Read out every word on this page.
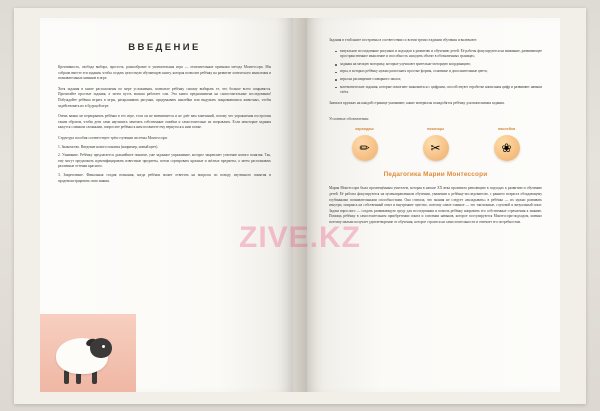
ВВЕДЕНИЕ

Креативность, свобода выбора, простота, разнообразие и увлекательная игра — отличительные признаки метода Монтессори. Мы собрали вместе эти задания, чтобы создать целостную обучающую книгу, которая позволит ребёнку на развитие логического мышления и познавательных навыков в игре.

Хотя задания в книге расположены по мере усложнения, позвольте ребёнку самому выбирать те, что больше всего понравятся. Прочитайте простые задания, а затем пусть малыш работает сам. Эта книга предназначена на самостоятельные исследования! Побуждайте ребёнка играть в игры, раскрашивать рисунки, придумывать наклейки или выдумать понравившихся животных, чтобы задействовать их в будущей игре.

Очень важно не перекрывать ребёнка в его игре, если он не вмешивается и не даёт вам замечаний, потому что упражнения построены таким образом, чтобы дети сами научились замечать собственные ошибки и самостоятельно их исправлять. Если некоторые задания кажутся слишком сложными, попросите ребёнка к ним посвятите ему вернуться к ним позже.

Структура пособия соответствует трём ступеням системы Монтессори:

1. Знакомство. Введение нового понятия (например, новый цвет).

2. Узнавание. Ребёнку предлагается дальнейшее понятие, уже заданное упражнение, которое закрепляет усвоение нового понятия. Так, ему могут предложить идентифицировать известные предметы, потом сортировать красные и жёлтые предметы, а затем распознавать различные оттенки красного.

3. Закрепление. Финальная стадия познания, когда ребёнок может ответить на вопросы по поводу изученного понятия и продемонстрировать свои знания.

Задания в этой книге построены в соответствии со всеми тремя стадиями обучения и включают:

визуальное исследование рисунков и подходов к развитию и обучению детей. Её работы фокусируются на внимание, развивающее пространственное мышление и способность находить объект в обозначенных границах;
задания на мелкую моторику, которые улучшают зрительно-моторную координацию;
игры, в которых ребёнку нужно распознать простые формы, основные и дополнительные цвета;
игры на расширение словарного запаса;
математические задания, которые помогают знакомиться с цифрами, способствуют отработке написания цифр и развивают навыки счёта.

Значки в кружках на каждой странице указывают, какие материалы понадобятся ребёнку для выполнения задания.

Условные обозначения:
карандаш
✏
ножницы
✂
наклейки
❀
Педагогика Марии Монтессори

Мария Монтессори была просвещённым учителем, которая в начале XX века произвела революцию в подходах к развитию и обучению детей. Её работы фокусируются на целенаправленном обучении, уважении к ребёнку-исследователю, с раннего возраста обладающему глубинными познавательными способностями. Она считала, что знания не следует «вкладывать» в ребёнка — их нужно развивать изнутри, опираясь на собственный опыт и внутреннее чувство, поэтому самое главное — это тактильные, слуховой и визуальный опыт. Задача взрослого — создать развивающую среду для исследования и помочь ребёнку направить его собственные стремления к знанию. Помощь ребёнку в самостоятельном приобретении опыта и освоении навыков, которое постулируются Монтессори-подходом, именно поэтому малыш получает удовлетворение от обучения, которое строится на самостоятельности и отвечает его потребностям.

ZIVE.KZ
